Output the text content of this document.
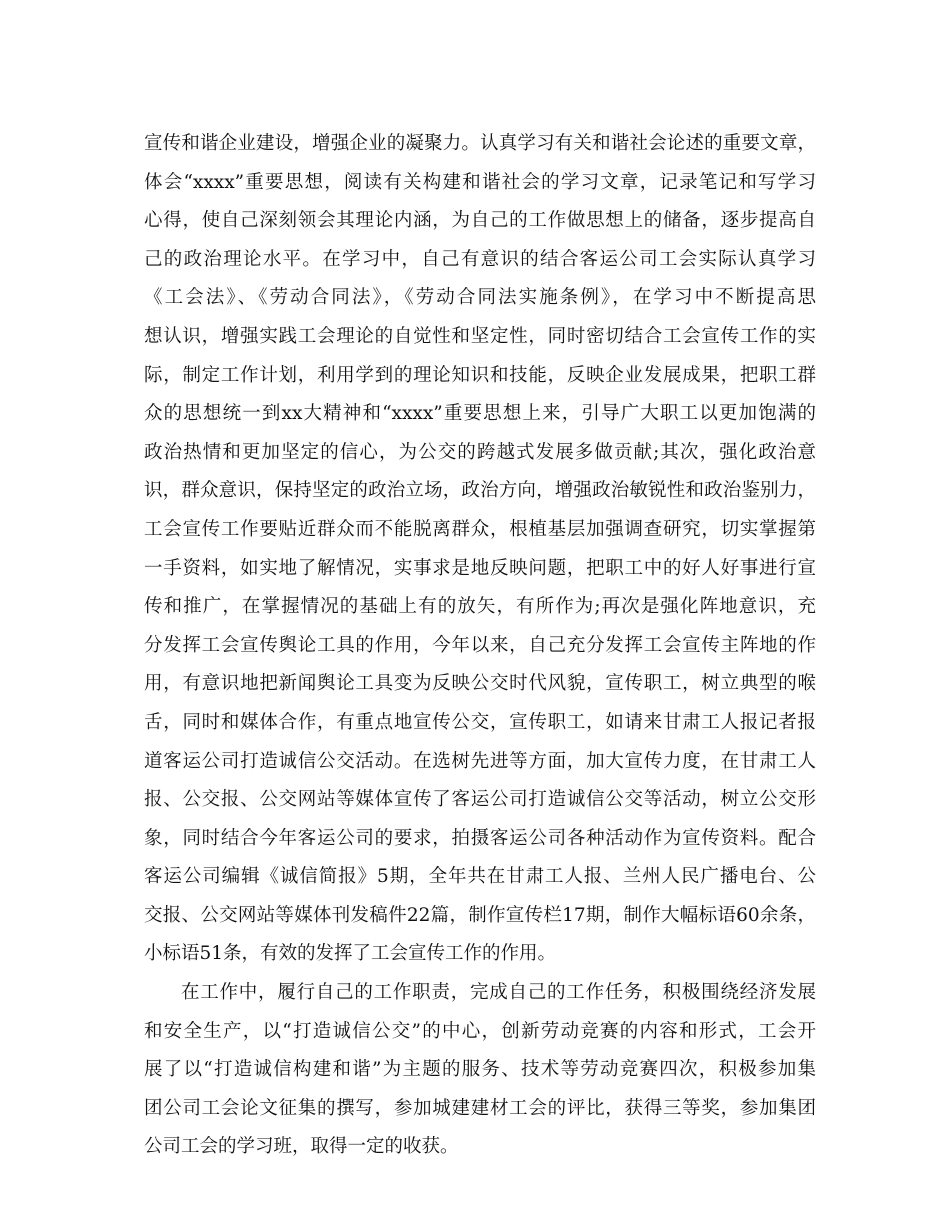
宣传和谐企业建设，增强企业的凝聚力。认真学习有关和谐社会论述的重要文章，
体会“xxxx”重要思想，阅读有关构建和谐社会的学习文章，记录笔记和写学习
心得，使自己深刻领会其理论内涵，为自己的工作做思想上的储备，逐步提高自
己的政治理论水平。在学习中，自己有意识的结合客运公司工会实际认真学习
《工会法》、《劳动合同法》，《劳动合同法实施条例》，在学习中不断提高思
想认识，增强实践工会理论的自觉性和坚定性，同时密切结合工会宣传工作的实
际，制定工作计划，利用学到的理论知识和技能，反映企业发展成果，把职工群
众的思想统一到xx大精神和“xxxx”重要思想上来，引导广大职工以更加饱满的
政治热情和更加坚定的信心，为公交的跨越式发展多做贡献;其次，强化政治意
识，群众意识，保持坚定的政治立场，政治方向，增强政治敏锐性和政治鉴别力，
工会宣传工作要贴近群众而不能脱离群众，根植基层加强调查研究，切实掌握第
一手资料，如实地了解情况，实事求是地反映问题，把职工中的好人好事进行宣
传和推广，在掌握情况的基础上有的放矢，有所作为;再次是强化阵地意识，充
分发挥工会宣传舆论工具的作用，今年以来，自己充分发挥工会宣传主阵地的作
用，有意识地把新闻舆论工具变为反映公交时代风貌，宣传职工，树立典型的喉
舌，同时和媒体合作，有重点地宣传公交，宣传职工，如请来甘肃工人报记者报
道客运公司打造诚信公交活动。在选树先进等方面，加大宣传力度，在甘肃工人
报、公交报、公交网站等媒体宣传了客运公司打造诚信公交等活动，树立公交形
象，同时结合今年客运公司的要求，拍摄客运公司各种活动作为宣传资料。配合
客运公司编辑《诚信简报》5期，全年共在甘肃工人报、兰州人民广播电台、公
交报、公交网站等媒体刊发稿件22篇，制作宣传栏17期，制作大幅标语60余条，
小标语51条，有效的发挥了工会宣传工作的作用。
在工作中，履行自己的工作职责，完成自己的工作任务，积极围绕经济发展
和安全生产，以“打造诚信公交”的中心，创新劳动竞赛的内容和形式，工会开
展了以“打造诚信构建和谐”为主题的服务、技术等劳动竞赛四次，积极参加集
团公司工会论文征集的撰写，参加城建建材工会的评比，获得三等奖，参加集团
公司工会的学习班，取得一定的收获。
